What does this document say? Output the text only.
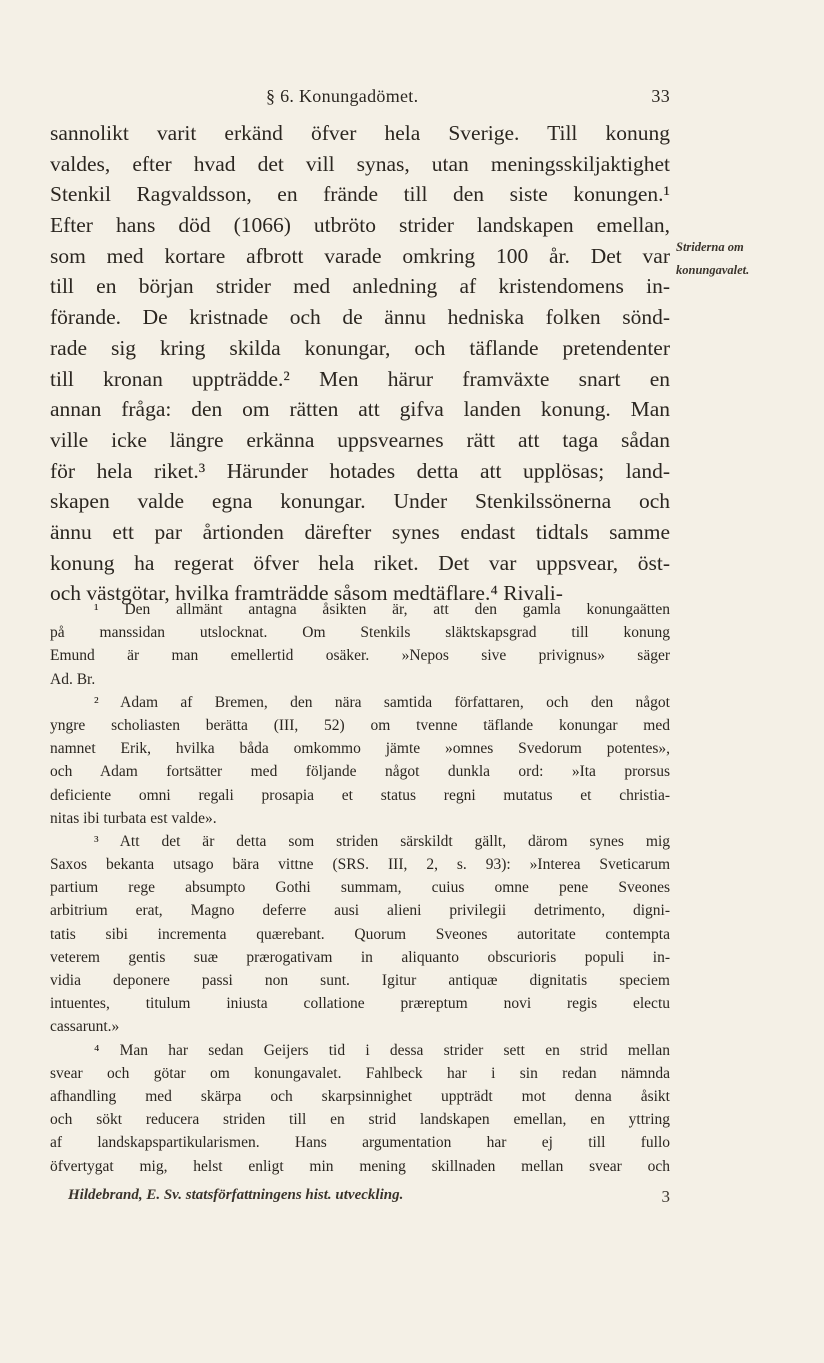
§ 6. Konungadömet.	33
sannolikt varit erkänd öfver hela Sverige. Till konung
valdes, efter hvad det vill synas, utan meningsskiljaktighet
Stenkil Ragvaldsson, en frände till den siste konungen.¹
Efter hans död (1066) utbröto strider landskapen emellan,
som med kortare afbrott varade omkring 100 år. Det var
till en början strider med anledning af kristendomens in-
förande. De kristnade och de ännu hedniska folken sönd-
rade sig kring skilda konungar, och täflande pretendenter
till kronan uppträdde.² Men härur framväxte snart en
annan fråga: den om rätten att gifva landen konung. Man
ville icke längre erkänna uppsvearnes rätt att taga sådan
för hela riket.³ Härunder hotades detta att upplösas; land-
skapen valde egna konungar. Under Stenkilssönerna och
ännu ett par årtionden därefter synes endast tidtals samme
konung ha regerat öfver hela riket. Det var uppsvear, öst-
och västgötar, hvilka framträdde såsom medtäflare.⁴ Rivali-
Striderna om
konungavalet.
¹ Den allmänt antagna åsikten är, att den gamla konungaätten
på manssidan utslocknat. Om Stenkils släktskapsgrad till konung
Emund är man emellertid osäker. »Nepos sive privignus» säger
Ad. Br.
² Adam af Bremen, den nära samtida författaren, och den något
yngre scholiasten berätta (III, 52) om tvenne täflande konungar med
namnet Erik, hvilka båda omkommo jämte »omnes Svedorum potentes»,
och Adam fortsätter med följande något dunkla ord: »Ita prorsus
deficiente omni regali prosapia et status regni mutatus et christia-
nitas ibi turbata est valde».
³ Att det är detta som striden särskildt gällt, därom synes mig
Saxos bekanta utsago bära vittne (SRS. III, 2, s. 93): »Interea Sveticarum
partium rege absumpto Gothi summam, cuius omne pene Sveones
arbitrium erat, Magno deferre ausi alieni privilegii detrimento, digni-
tatis sibi incrementa quærebant. Quorum Sveones autoritate contempta
veterem gentis suæ prærogativam in aliquanto obscurioris populi in-
vidia deponere passi non sunt. Igitur antiquæ dignitatis speciem
intuentes, titulum iniusta collatione præreptum novi regis electu
cassarunt.»
⁴ Man har sedan Geijers tid i dessa strider sett en strid mellan
svear och götar om konungavalet. Fahlbeck har i sin redan nämnda
afhandling med skärpa och skarpsinnighet uppträdt mot denna åsikt
och sökt reducera striden till en strid landskapen emellan, en yttring
af landskapspartikularismen. Hans argumentation har ej till fullo
öfvertygat mig, helst enligt min mening skillnaden mellan svear och
Hildebrand, E. Sv. statsförfattningens hist. utveckling.	3
